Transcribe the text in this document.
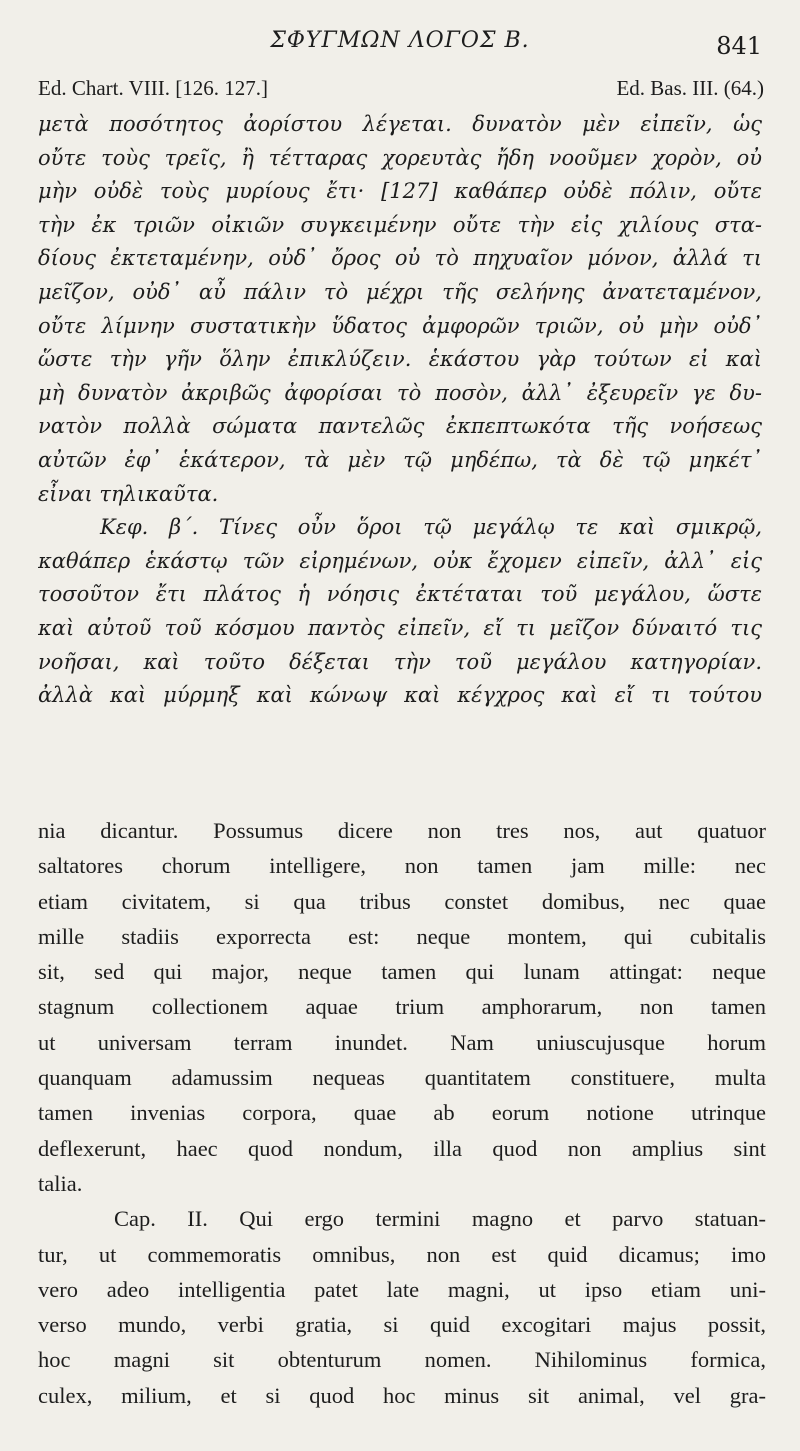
ΣΦΥΓΜΩΝ ΛΟΓΟΣ Β.	841
Ed. Chart. VIII. [126. 127.]	Ed. Bas. III. (64.)
μετὰ ποσότητος ἀορίστου λέγεται. δυνατὸν μὲν εἰπεῖν, ὡς
οὔτε τοὺς τρεῖς, ἢ τέτταρας χορευτὰς ἤδη νοοῦμεν χορὸν, οὐ
μὴν οὐδὲ τοὺς μυρίους ἔτι· [127] καθάπερ οὐδὲ πόλιν, οὔτε
τὴν ἐκ τριῶν οἰκιῶν συγκειμένην οὔτε τὴν εἰς χιλίους στα-
δίους ἐκτεταμένην, οὐδ᾽ ὄρος οὐ τὸ πηχυαῖον μόνον, ἀλλά τι
μεῖζον, οὐδ᾽ αὖ πάλιν τὸ μέχρι τῆς σελήνης ἀνατεταμένον,
οὔτε λίμνην συστατικὴν ὕδατος ἀμφορῶν τριῶν, οὐ μὴν οὐδ᾽
ὥστε τὴν γῆν ὅλην ἐπικλύζειν. ἑκάστου γὰρ τούτων εἰ καὶ
μὴ δυνατὸν ἀκριβῶς ἀφορίσαι τὸ ποσὸν, ἀλλ᾽ ἐξευρεῖν γε δυ-
νατὸν πολλὰ σώματα παντελῶς ἐκπεπτωκότα τῆς νοήσεως
αὐτῶν ἐφ᾽ ἑκάτερον, τὰ μὲν τῷ μηδέπω, τὰ δὲ τῷ μηκέτ᾽
εἶναι τηλικαῦτα.
Κεφ. β΄. Τίνες οὖν ὅροι τῷ μεγάλῳ τε καὶ σμικρῷ,
καθάπερ ἑκάστῳ τῶν εἰρημένων, οὐκ ἔχομεν εἰπεῖν, ἀλλ᾽ εἰς
τοσοῦτον ἔτι πλάτος ἡ νόησις ἐκτέταται τοῦ μεγάλου, ὥστε
καὶ αὐτοῦ τοῦ κόσμου παντὸς εἰπεῖν, εἴ τι μεῖζον δύναιτό τις
νοῆσαι, καὶ τοῦτο δέξεται τὴν τοῦ μεγάλου κατηγορίαν.
ἀλλὰ καὶ μύρμηξ καὶ κώνωψ καὶ κέγχρος καὶ εἴ τι τούτου
nia dicantur. Possumus dicere non tres nos, aut quatuor
saltatores chorum intelligere, non tamen jam mille: nec
etiam civitatem, si qua tribus constet domibus, nec quae
mille stadiis exporrecta est: neque montem, qui cubitalis
sit, sed qui major, neque tamen qui lunam attingat: neque
stagnum collectionem aquae trium amphorarum, non tamen
ut universam terram inundet. Nam uniuscujusque horum
quanquam adamussim nequeas quantitatem constituere, multa
tamen invenias corpora, quae ab eorum notione utrinque
deflexerunt, haec quod nondum, illa quod non amplius sint
talia.
Cap. II. Qui ergo termini magno et parvo statuan-
tur, ut commemoratis omnibus, non est quid dicamus; imo
vero adeo intelligentia patet late magni, ut ipso etiam uni-
verso mundo, verbi gratia, si quid excogitari majus possit,
hoc magni sit obtenturum nomen. Nihilominus formica,
culex, milium, et si quod hoc minus sit animal, vel gra-
